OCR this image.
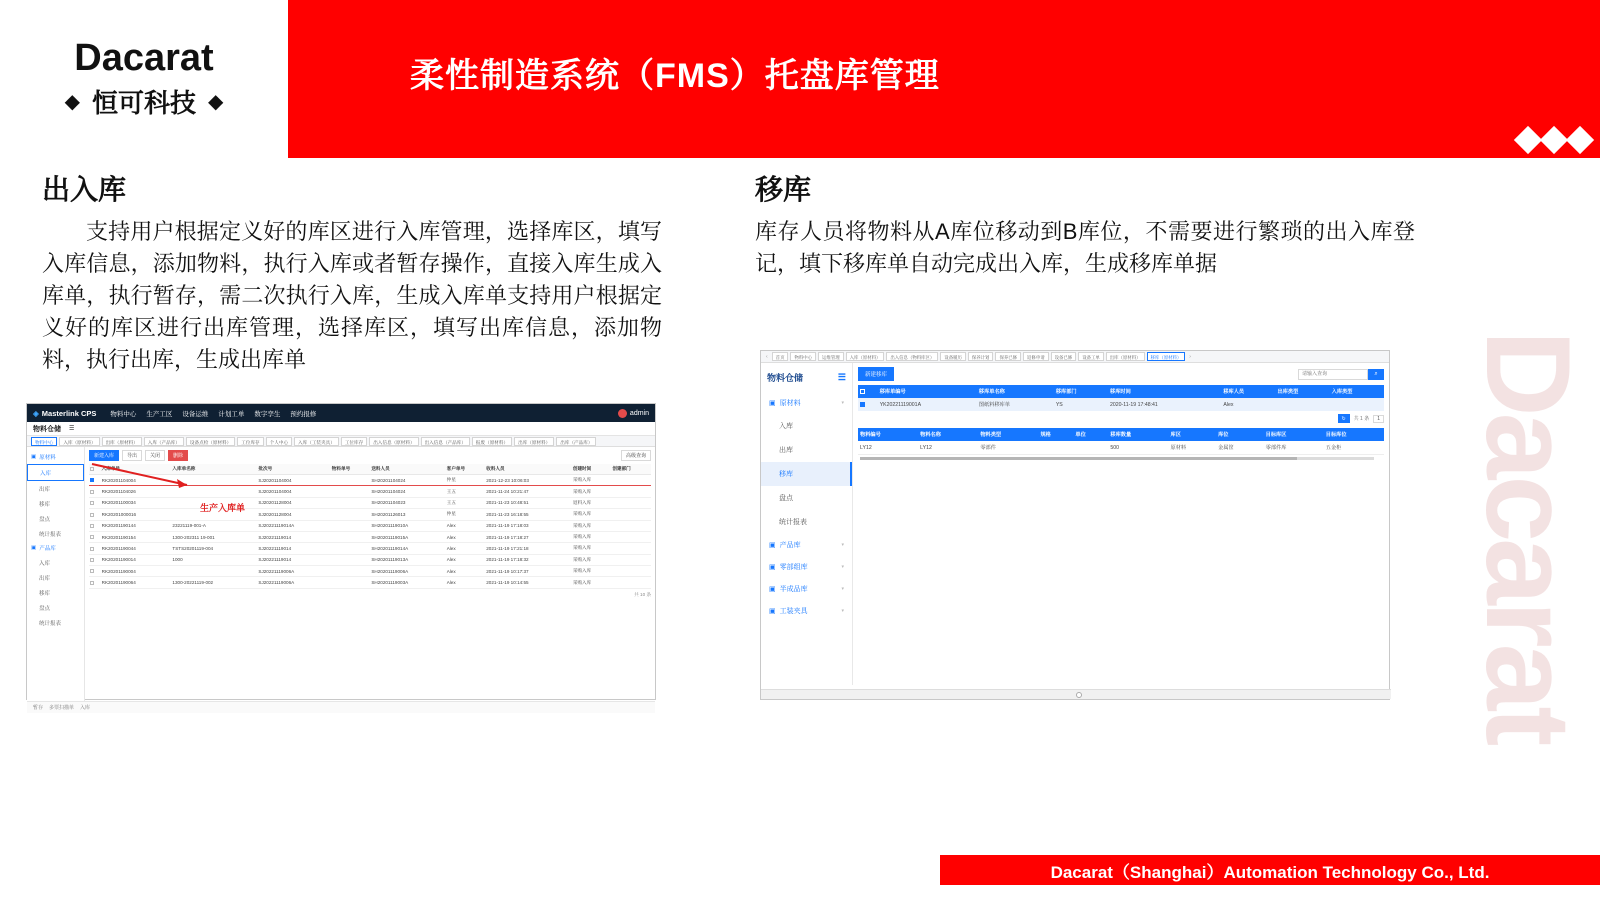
Dacarat
◆ 恒可科技 ◆
柔性制造系统（FMS）托盘库管理
出入库

支持用户根据定义好的库区进行入库管理，选择库区，填写入库信息，添加物料，执行入库或者暂存操作，直接入库生成入库单，执行暂存，需二次执行入库，生成入库单支持用户根据定义好的库区进行出库管理，选择库区，填写出库信息，添加物料，执行出库，生成出库单

移库

库存人员将物料从A库位移动到B库位，不需要进行繁琐的出入库登记，填下移库单自动完成出入库，生成移库单据

Dacarat
◈ Masterlink CPS 物料中心 生产工区 设备运维 计划工单 数字孪生 预约报修	admin
物料仓储 ☰
物料中心	入库（原材料）	出库（原材料）	入库（产品库）	设备点检（原材料）	工位库存	个人中心	入库（工装夹具）	工位库存	出入信息（原材料）	出入信息（产品库）	报废（原材料）	出库（原材料）	出库（产品库）
▣ 原材料
入库
出库
移库
盘点
统计报表
▣ 产品库
入库
出库
移库
盘点
统计报表
新建入库	导出	关闭	删除	高级查询
	入库单号	入库单名称	批次号	物料单号	送料人员	客户单号	收料人员	创建时间	创建部门
	RK20201104004		SJ20201104004		SH20201104024	仲星	2021-12-23 10:06:03	采购入库	
	RK20201104026		SJ20201104004		SH20201104024	王五	2021-11-24 10:21:47	采购入库	
	RK20201100034		SJ20201128004		SH20201104023	王五	2021-11-23 10:48:51	退料入库	
	RK20201000016		SJ20201128004		SH20201126013	仲星	2021-11-23 16:18:55	采购入库	
	RK20201190144	23221119-001-A	SJ20221119014A		SH20201119010A	Alex	2021-11-19 17:18:03	采购入库	
	RK20201190154	1300-202311 19-001	SJ20221119014		SH20201119015A	Alex	2021-11-19 17:18:27	采购入库	
	RK20201190044	TSTS20201119-004	SJ20221119014		SH20201119014A	Alex	2021-11-19 17:21:18	采购入库	
	RK20201190014	1000	SJ20221119014		SH20201119013A	Alex	2021-11-19 17:18:32	采购入库	
	RK20201190004		SJ20221119006A		SH20201119006A	Alex	2021-11-19 10:17:37	采购入库	
	RK20201190064	1300-20221119-002	SJ20221119006A		SH20201119003A	Alex	2021-11-19 10:14:55	采购入库	
共 10 条
暂存 多票扫描单 入库
生产入库单
‹	首页	物料中心	运维管理	入库（原材料）	出入信息（物料库区）	设备履历	保养计划	保养已修	返修申请	设备已修	设备工单	出库（原材料）	移库（原材料）	›
物料仓储	☰
▣ 原材料	▾
入库
出库
移库
盘点
统计报表
▣ 产品库	▾
▣ 零部组库	▾
▣ 半成品库	▾
▣ 工装夹具	▾
新建移库
请输入查询	⌕
	移库单编号	移库单名称	移库部门	移库时间	移库人员	出库类型	入库类型
	YK20221119001A	图纸料移库单	YS	2020-11-19 17:48:41	Alex		
↻	共 1 条	1
物料编号	物料名称	物料类型	规格	单位	移库数量	库区	库位	目标库区	目标库位
LY12	LY12	零部件			500	原材料	金属筐	零部件库	五金柜
Dacarat（Shanghai）Automation Technology Co., Ltd.
